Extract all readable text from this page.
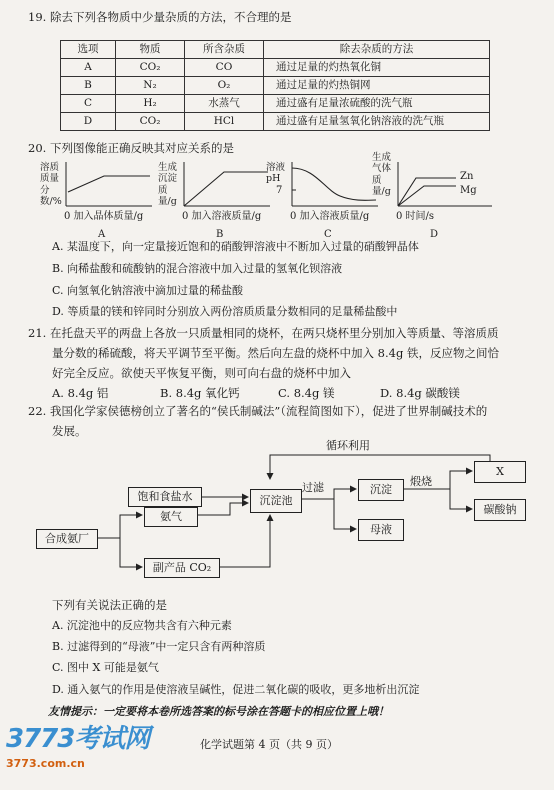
19. 除去下列各物质中少量杂质的方法，不合理的是
选项	物质	所含杂质	除去杂质的方法
A	CO₂	CO	通过足量的灼热氧化铜
B	N₂	O₂	通过足量的灼热铜网
C	H₂	水蒸气	通过盛有足量浓硫酸的洗气瓶
D	CO₂	HCl	通过盛有足量氢氧化钠溶液的洗气瓶
20. 下列图像能正确反映其对应关系的是
溶质质量分数/%
0 加入晶体质量/g
A
生成沉淀质量/g
0 加入溶液质量/g
B
溶液pH
7
0 加入溶液质量/g
C
生成气体质量/g
Zn
Mg
0 时间/s
D
A. 某温度下，向一定量接近饱和的硝酸钾溶液中不断加入过量的硝酸钾晶体
B. 向稀盐酸和硫酸钠的混合溶液中加入过量的氢氧化钡溶液
C. 向氢氧化钠溶液中滴加过量的稀盐酸
D. 等质量的镁和锌同时分别放入两份溶质质量分数相同的足量稀盐酸中
21. 在托盘天平的两盘上各放一只质量相同的烧杯，在两只烧杯里分别加入等质量、等溶质质
量分数的稀硫酸，将天平调节至平衡。然后向左盘的烧杯中加入 8.4g 铁，反应物之间恰
好完全反应。欲使天平恢复平衡，则可向右盘的烧杯中加入
A. 8.4g 铝	B. 8.4g 氧化钙	C. 8.4g 镁	D. 8.4g 碳酸镁
22. 我国化学家侯德榜创立了著名的“侯氏制碱法”（流程简图如下），促进了世界制碱技术的
发展。
循环利用
饱和食盐水
氨气
合成氨厂
副产品 CO₂
沉淀池
过滤	沉淀
煅烧
母液
X
碳酸钠
下列有关说法正确的是
A. 沉淀池中的反应物共含有六种元素
B. 过滤得到的“母液”中一定只含有两种溶质
C. 图中 X 可能是氨气
D. 通入氨气的作用是使溶液呈碱性，促进二氧化碳的吸收，更多地析出沉淀
友情提示：一定要将本卷所选答案的标号涂在答题卡的相应位置上哦！
化学试题第 4 页（共 9 页）
3773考试网
3773.com.cn
